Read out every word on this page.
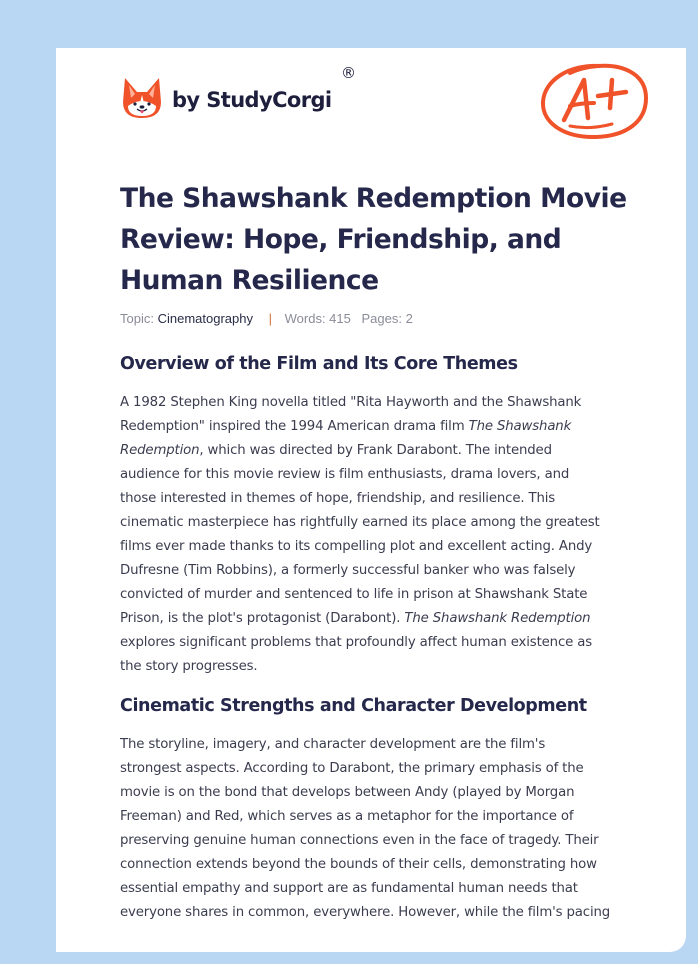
by StudyCorgi
®
The Shawshank Redemption Movie Review: Hope, Friendship, and Human Resilience
Topic: Cinematography | Words: 415 Pages: 2
Overview of the Film and Its Core Themes
A 1982 Stephen King novella titled "Rita Hayworth and the Shawshank
Redemption" inspired the 1994 American drama film The Shawshank
Redemption, which was directed by Frank Darabont. The intended
audience for this movie review is film enthusiasts, drama lovers, and
those interested in themes of hope, friendship, and resilience. This
cinematic masterpiece has rightfully earned its place among the greatest
films ever made thanks to its compelling plot and excellent acting. Andy
Dufresne (Tim Robbins), a formerly successful banker who was falsely
convicted of murder and sentenced to life in prison at Shawshank State
Prison, is the plot's protagonist (Darabont). The Shawshank Redemption
explores significant problems that profoundly affect human existence as
the story progresses.
Cinematic Strengths and Character Development
The storyline, imagery, and character development are the film's
strongest aspects. According to Darabont, the primary emphasis of the
movie is on the bond that develops between Andy (played by Morgan
Freeman) and Red, which serves as a metaphor for the importance of
preserving genuine human connections even in the face of tragedy. Their
connection extends beyond the bounds of their cells, demonstrating how
essential empathy and support are as fundamental human needs that
everyone shares in common, everywhere. However, while the film's pacing
